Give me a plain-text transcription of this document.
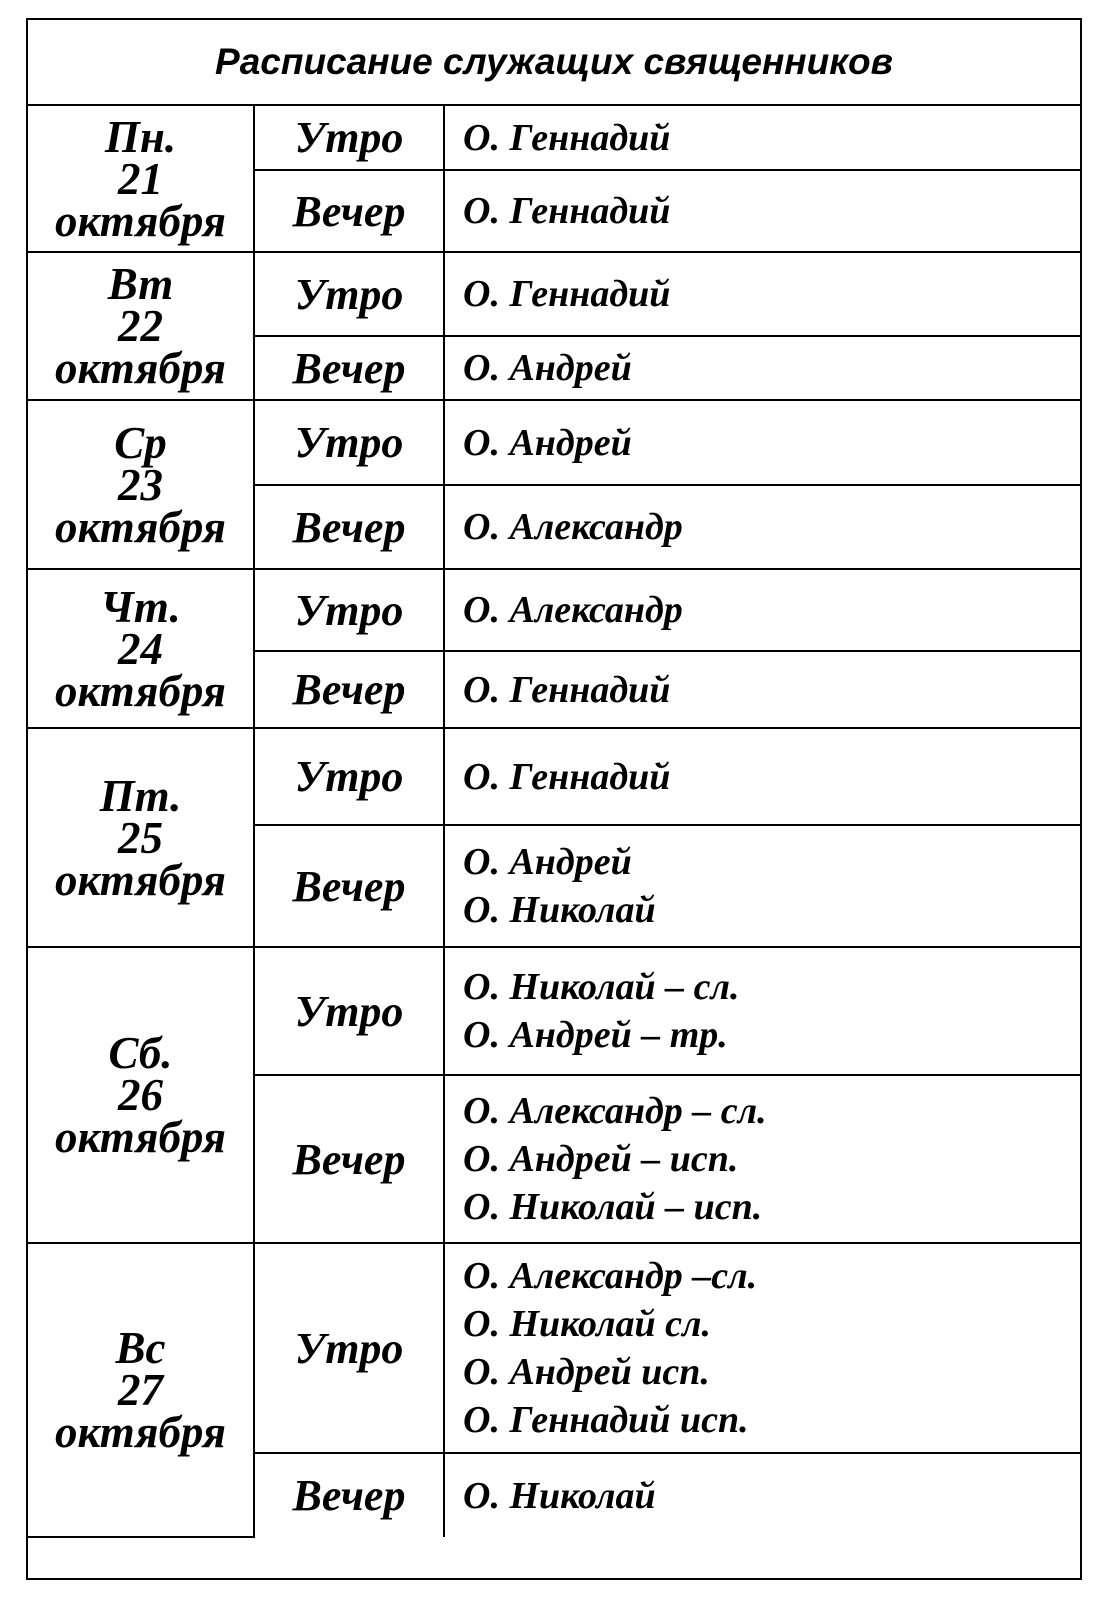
Расписание служащих священников
Пн.
21
октября	Утро	О. Геннадий

	Вечер	О. Геннадий

Вт
22
октября	Утро	О. Геннадий

	Вечер	О. Андрей

Ср
23
октября	Утро	О. Андрей

	Вечер	О. Александр

Чт.
24
октября	Утро	О. Александр

	Вечер	О. Геннадий

Пт.
25
октября	Утро	О. Геннадий

	Вечер	О. Андрей
О. Николай

Сб.
26
октября	Утро	О. Николай – сл.
О. Андрей – тр.

	Вечер	О. Александр – сл.
О. Андрей – исп.
О. Николай – исп.

Вс
27
октября	Утро	О. Александр –сл.
О. Николай сл.
О. Андрей исп.
О. Геннадий исп.

	Вечер	О. Николай
